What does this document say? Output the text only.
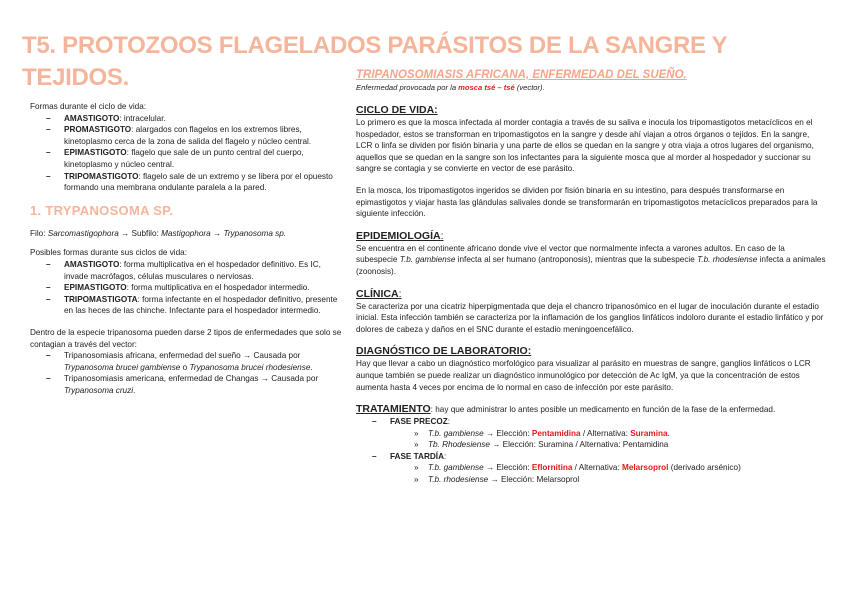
T5. PROTOZOOS FLAGELADOS PARÁSITOS DE LA SANGRE Y TEJIDOS.

Formas durante el ciclo de vida:

– AMASTIGOTO: intracelular.
– PROMASTIGOTO: alargados con flagelos en los extremos libres, kinetoplasmo cerca de la zona de salida del flagelo y núcleo central.
– EPIMASTIGOTO: flagelo que sale de un punto central del cuerpo, kinetoplasmo y núcleo central.
– TRIPOMASTIGOTO: flagelo sale de un extremo y se libera por el opuesto formando una membrana ondulante paralela a la pared.

1. TRYPANOSOMA SP.

Filo: Sarcomastigophora → Subfilo: Mastigophora → Trypanosoma sp.

Posibles formas durante sus ciclos de vida:

– AMASTIGOTO: forma multiplicativa en el hospedador definitivo. Es IC, invade macrófagos, células musculares o nerviosas.
– EPIMASTIGOTO: forma multiplicativa en el hospedador intermedio.
– TRIPOMASTIGOTA: forma infectante en el hospedador definitivo, presente en las heces de las chinche. Infectante para el hospedador intermedio.

Dentro de la especie tripanosoma pueden darse 2 tipos de enfermedades que solo se contagian a través del vector:

– Tripanosomiasis africana, enfermedad del sueño → Causada por Trypanosoma brucei gambiense o Trypanosoma brucei rhodesiense.
– Tripanosomiasis americana, enfermedad de Changas → Causada por Trypanosoma cruzi.

TRIPANOSOMIASIS AFRICANA, ENFERMEDAD DEL SUEÑO.

Enfermedad provocada por la mosca tsé – tsé (vector).

CICLO DE VIDA:

Lo primero es que la mosca infectada al morder contagia a través de su saliva e inocula los tripomastigotos metacíclicos en el hospedador, estos se transforman en tripomastigotos en la sangre y desde ahí viajan a otros órganos o tejidos. En la sangre, LCR o linfa se dividen por fisión binaria y una parte de ellos se quedan en la sangre y otra viaja a otros lugares del organismo, aquellos que se quedan en la sangre son los infectantes para la siguiente mosca que al morder al hospedador y succionar su sangre se contagia y se convierte en vector de ese parásito.

En la mosca, los tripomastigotos ingeridos se dividen por fisión binaria en su intestino, para después transformarse en epimastigotos y viajar hasta las glándulas salivales donde se transformarán en tripomastigotos metacíclicos preparados para la siguiente infección.

EPIDEMIOLOGÍA:

Se encuentra en el continente africano donde vive el vector que normalmente infecta a varones adultos. En caso de la subespecie T.b. gambiense infecta al ser humano (antroponosis), mientras que la subespecie T.b. rhodesiense infecta a animales (zoonosis).

CLÍNICA:

Se caracteriza por una cicatriz hiperpigmentada que deja el chancro tripanosómico en el lugar de inoculación durante el estadio inicial. Esta infección también se caracteriza por la inflamación de los ganglios linfáticos indoloro durante el estadio linfático y por dolores de cabeza y daños en el SNC durante el estadio meningoencefálico.

DIAGNÓSTICO DE LABORATORIO:

Hay que llevar a cabo un diagnóstico morfológico para visualizar al parásito en muestras de sangre, ganglios linfáticos o LCR aunque también se puede realizar un diagnóstico inmunológico por detección de Ac IgM, ya que la concentración de estos aumenta hasta 4 veces por encima de lo normal en caso de infección por este parásito.

TRATAMIENTO: hay que administrar lo antes posible un medicamento en función de la fase de la enfermedad.

– FASE PRECOZ:
» T.b. gambiense → Elección: Pentamidina / Alternativa: Suramina.
» Tb. Rhodesiense → Elección: Suramina / Alternativa: Pentamidina
– FASE TARDÍA:
» T.b. gambiense → Elección: Eflornitina / Alternativa: Melarsoprol (derivado arsénico)
» T.b. rhodesiense → Elección: Melarsoprol
